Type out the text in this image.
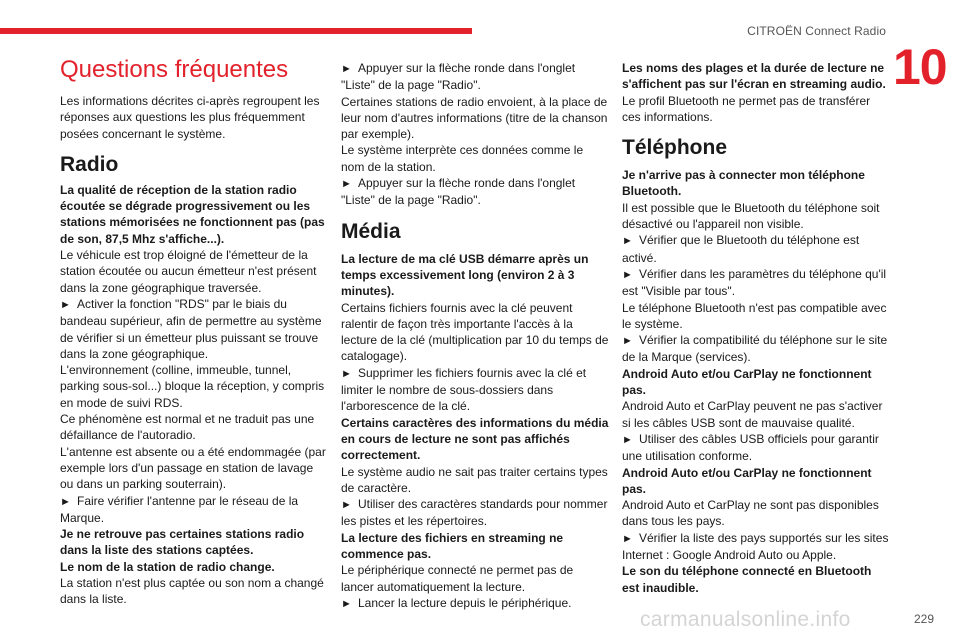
CITROËN Connect Radio
10
Questions fréquentes

Les informations décrites ci-après regroupent les réponses aux questions les plus fréquemment posées concernant le système.

Radio

La qualité de réception de la station radio écoutée se dégrade progressivement ou les stations mémorisées ne fonctionnent pas (pas de son, 87,5 Mhz s'affiche...).

Le véhicule est trop éloigné de l'émetteur de la station écoutée ou aucun émetteur n'est présent dans la zone géographique traversée.

►  Activer la fonction "RDS" par le biais du bandeau supérieur, afin de permettre au système de vérifier si un émetteur plus puissant se trouve dans la zone géographique.

L'environnement (colline, immeuble, tunnel, parking sous-sol...) bloque la réception, y compris en mode de suivi RDS.

Ce phénomène est normal et ne traduit pas une défaillance de l'autoradio.

L'antenne est absente ou a été endommagée (par exemple lors d'un passage en station de lavage ou dans un parking souterrain).

►  Faire vérifier l'antenne par le réseau de la Marque.

Je ne retrouve pas certaines stations radio dans la liste des stations captées.

Le nom de la station de radio change.

La station n'est plus captée ou son nom a changé dans la liste.

►  Appuyer sur la flèche ronde dans l'onglet "Liste" de la page "Radio".

Certaines stations de radio envoient, à la place de leur nom d'autres informations (titre de la chanson par exemple).

Le système interprète ces données comme le nom de la station.

►  Appuyer sur la flèche ronde dans l'onglet "Liste" de la page "Radio".

Média

La lecture de ma clé USB démarre après un temps excessivement long (environ 2 à 3 minutes).

Certains fichiers fournis avec la clé peuvent ralentir de façon très importante l'accès à la lecture de la clé (multiplication par 10 du temps de catalogage).

►  Supprimer les fichiers fournis avec la clé et limiter le nombre de sous-dossiers dans l'arborescence de la clé.

Certains caractères des informations du média en cours de lecture ne sont pas affichés correctement.

Le système audio ne sait pas traiter certains types de caractère.

►  Utiliser des caractères standards pour nommer les pistes et les répertoires.

La lecture des fichiers en streaming ne commence pas.

Le périphérique connecté ne permet pas de lancer automatiquement la lecture.

►  Lancer la lecture depuis le périphérique.

Les noms des plages et la durée de lecture ne s'affichent pas sur l'écran en streaming audio.

Le profil Bluetooth ne permet pas de transférer ces informations.

Téléphone

Je n'arrive pas à connecter mon téléphone Bluetooth.

Il est possible que le Bluetooth du téléphone soit désactivé ou l'appareil non visible.

►  Vérifier que le Bluetooth du téléphone est activé.

►  Vérifier dans les paramètres du téléphone qu'il est "Visible par tous".

Le téléphone Bluetooth n'est pas compatible avec le système.

►  Vérifier la compatibilité du téléphone sur le site de la Marque (services).

Android Auto et/ou CarPlay ne fonctionnent pas.

Android Auto et CarPlay peuvent ne pas s'activer si les câbles USB sont de mauvaise qualité.

►  Utiliser des câbles USB officiels pour garantir une utilisation conforme.

Android Auto et/ou CarPlay ne fonctionnent pas.

Android Auto et CarPlay ne sont pas disponibles dans tous les pays.

►  Vérifier la liste des pays supportés sur les sites Internet : Google Android Auto ou Apple.

Le son du téléphone connecté en Bluetooth est inaudible.

carmanualsonline.info	229
